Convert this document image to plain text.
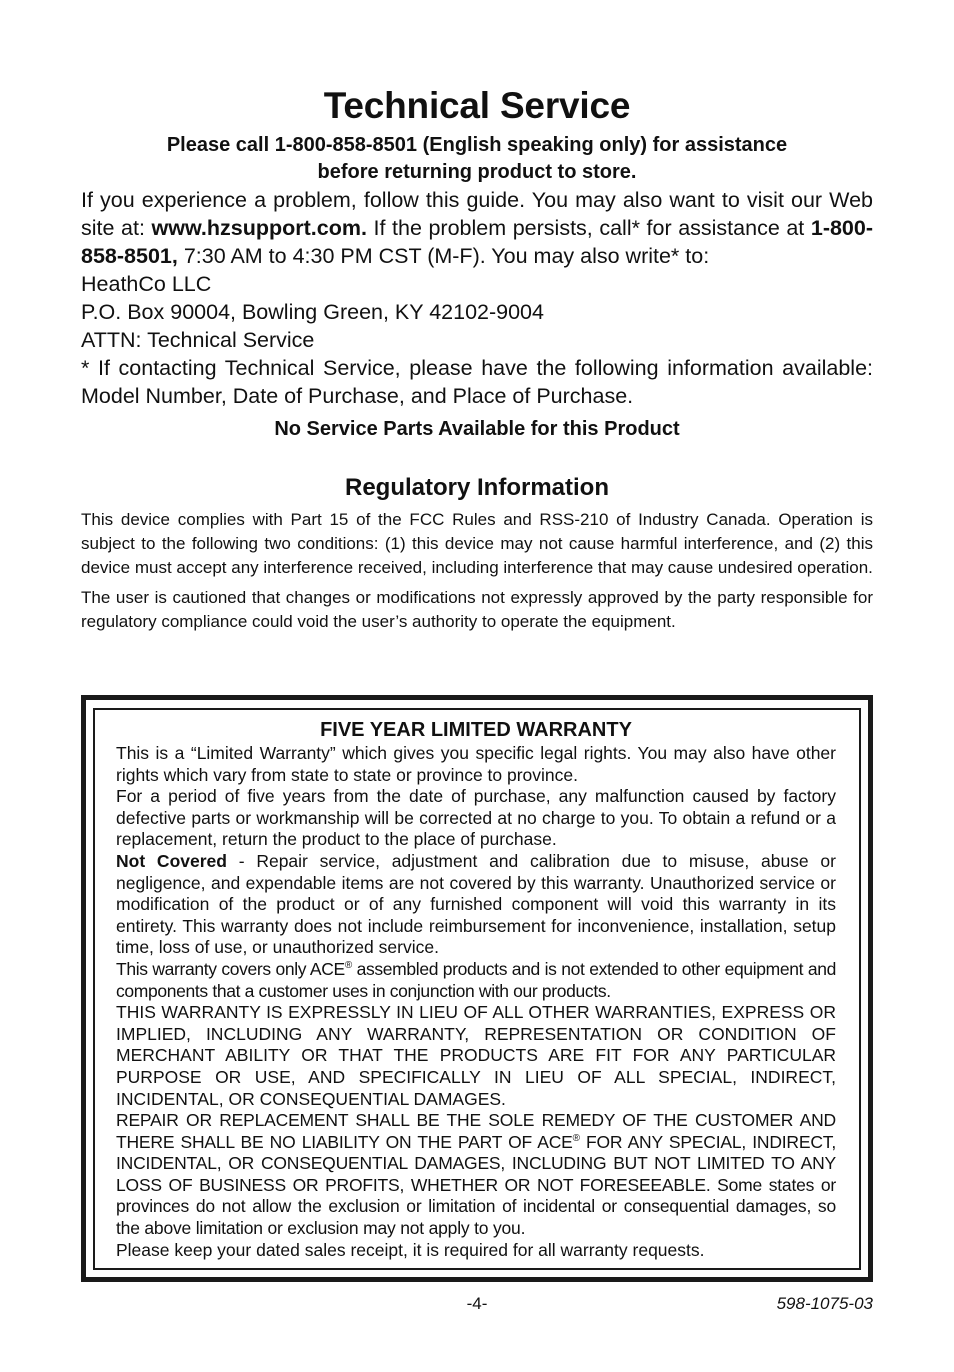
Technical Service

Please call 1-800-858-8501 (English speaking only) for assistance

before returning product to store.

If you experience a problem, follow this guide. You may also want to visit our Web site at: www.hzsupport.com. If the problem persists, call* for assistance at 1-800-858-8501, 7:30 AM to 4:30 PM CST (M-F). You may also write* to:

HeathCo LLC
P.O. Box 90004, Bowling Green, KY 42102-9004
ATTN: Technical Service

* If contacting Technical Service, please have the following information available: Model Number, Date of Purchase, and Place of Purchase.

No Service Parts Available for this Product

Regulatory Information

This device complies with Part 15 of the FCC Rules and RSS-210 of Industry Canada. Operation is subject to the following two conditions: (1) this device may not cause harmful interference, and (2) this device must accept any interference received, including interference that may cause undesired operation.

The user is cautioned that changes or modifications not expressly approved by the party responsible for regulatory compliance could void the user’s authority to operate the equipment.

FIVE YEAR LIMITED WARRANTY

This is a “Limited Warranty” which gives you specific legal rights. You may also have other rights which vary from state to state or province to province.

For a period of five years from the date of purchase, any malfunction caused by factory defective parts or workmanship will be corrected at no charge to you. To obtain a refund or a replacement, return the product to the place of purchase.

Not Covered - Repair service, adjustment and calibration due to misuse, abuse or negligence, and expendable items are not covered by this warranty. Unauthorized service or modification of the product or of any furnished component will void this warranty in its entirety. This warranty does not include reimbursement for inconvenience, installation, setup time, loss of use, or unauthorized service.

This warranty covers only ACE® assembled products and is not extended to other equipment and components that a customer uses in conjunction with our products.

THIS WARRANTY IS EXPRESSLY IN LIEU OF ALL OTHER WARRANTIES, EXPRESS OR IMPLIED, INCLUDING ANY WARRANTY, REPRESENTATION OR CONDITION OF MERCHANT ABILITY OR THAT THE PRODUCTS ARE FIT FOR ANY PARTICULAR PURPOSE OR USE, AND SPECIFICALLY IN LIEU OF ALL SPECIAL, INDIRECT, INCIDENTAL, OR CONSEQUENTIAL DAMAGES.

REPAIR OR REPLACEMENT SHALL BE THE SOLE REMEDY OF THE CUSTOMER AND THERE SHALL BE NO LIABILITY ON THE PART OF ACE® FOR ANY SPECIAL, INDIRECT, INCIDENTAL, OR CONSEQUENTIAL DAMAGES, INCLUDING BUT NOT LIMITED TO ANY LOSS OF BUSINESS OR PROFITS, WHETHER OR NOT FORESEEABLE. Some states or provinces do not allow the exclusion or limitation of incidental or consequential damages, so the above limitation or exclusion may not apply to you.

Please keep your dated sales receipt, it is required for all warranty requests.

-4-	598-1075-03
